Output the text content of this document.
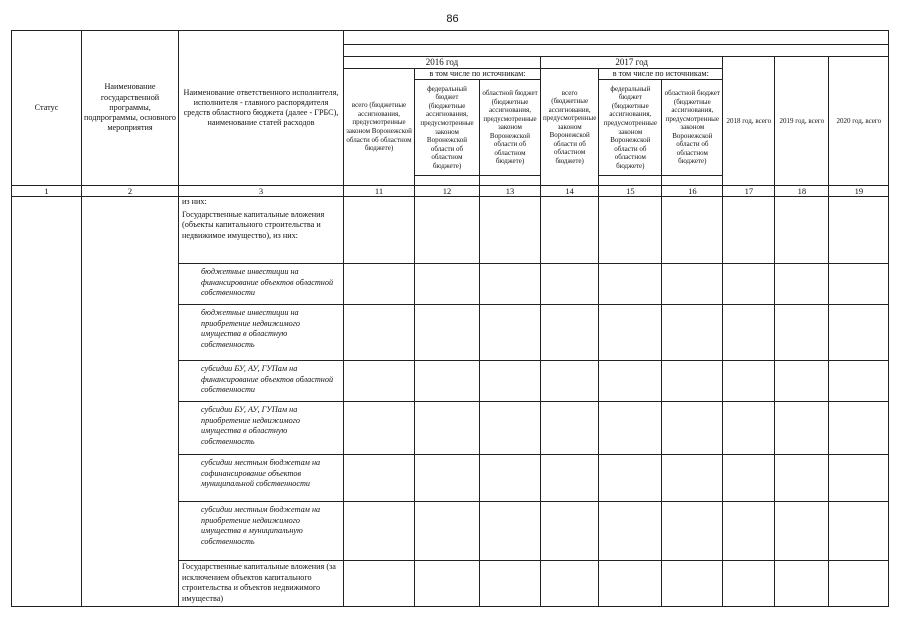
86
Статус	Наименование государственной программы, подпрограммы, основного мероприятия	Наименование ответственного исполнителя, исполнителя - главного распорядителя средств областного бюджета (далее - ГРБС), наименование статей расходов									

			2016 год			2017 год			2018 год, всего	2019 год, всего	2020 год, всего
			всего (бюджетные ассигнования, предусмотренные законом Воронежской области об областном бюджете)	в том числе по источникам:		всего (бюджетные ассигнования, предусмотренные законом Воронежской области об областном бюджете)	в том числе по источникам:				
				федеральный бюджет (бюджетные ассигнования, предусмотренные законом Воронежской области об областном бюджете)	областной бюджет (бюджетные ассигнования, предусмотренные законом Воронежской области об областном бюджете)		федеральный бюджет (бюджетные ассигнования, предусмотренные законом Воронежской области об областном бюджете)	областной бюджет (бюджетные ассигнования, предусмотренные законом Воронежской области об областном бюджете)			

1	2	3	11	12	13	14	15	16	17	18	19
		из них:									
		Государственные капитальные вложения (объекты капитального строительства и недвижимое имущество), из них:									
		бюджетные инвестиции на финансирование объектов областной собственности									
		бюджетные инвестиции на приобретение недвижимого имущества в областную собственность									
		субсидии БУ, АУ, ГУПам на финансирование объектов областной собственности									
		субсидии БУ, АУ, ГУПам на приобретение недвижимого имущества в областную собственность									
		субсидии местным бюджетам на софинансирование объектов муниципальной собственности									
		субсидии местным бюджетам на приобретение недвижимого имущества в муниципальную собственность									
		Государственные капитальные вложения (за исключением объектов капитального строительства и объектов недвижимого имущества)									
